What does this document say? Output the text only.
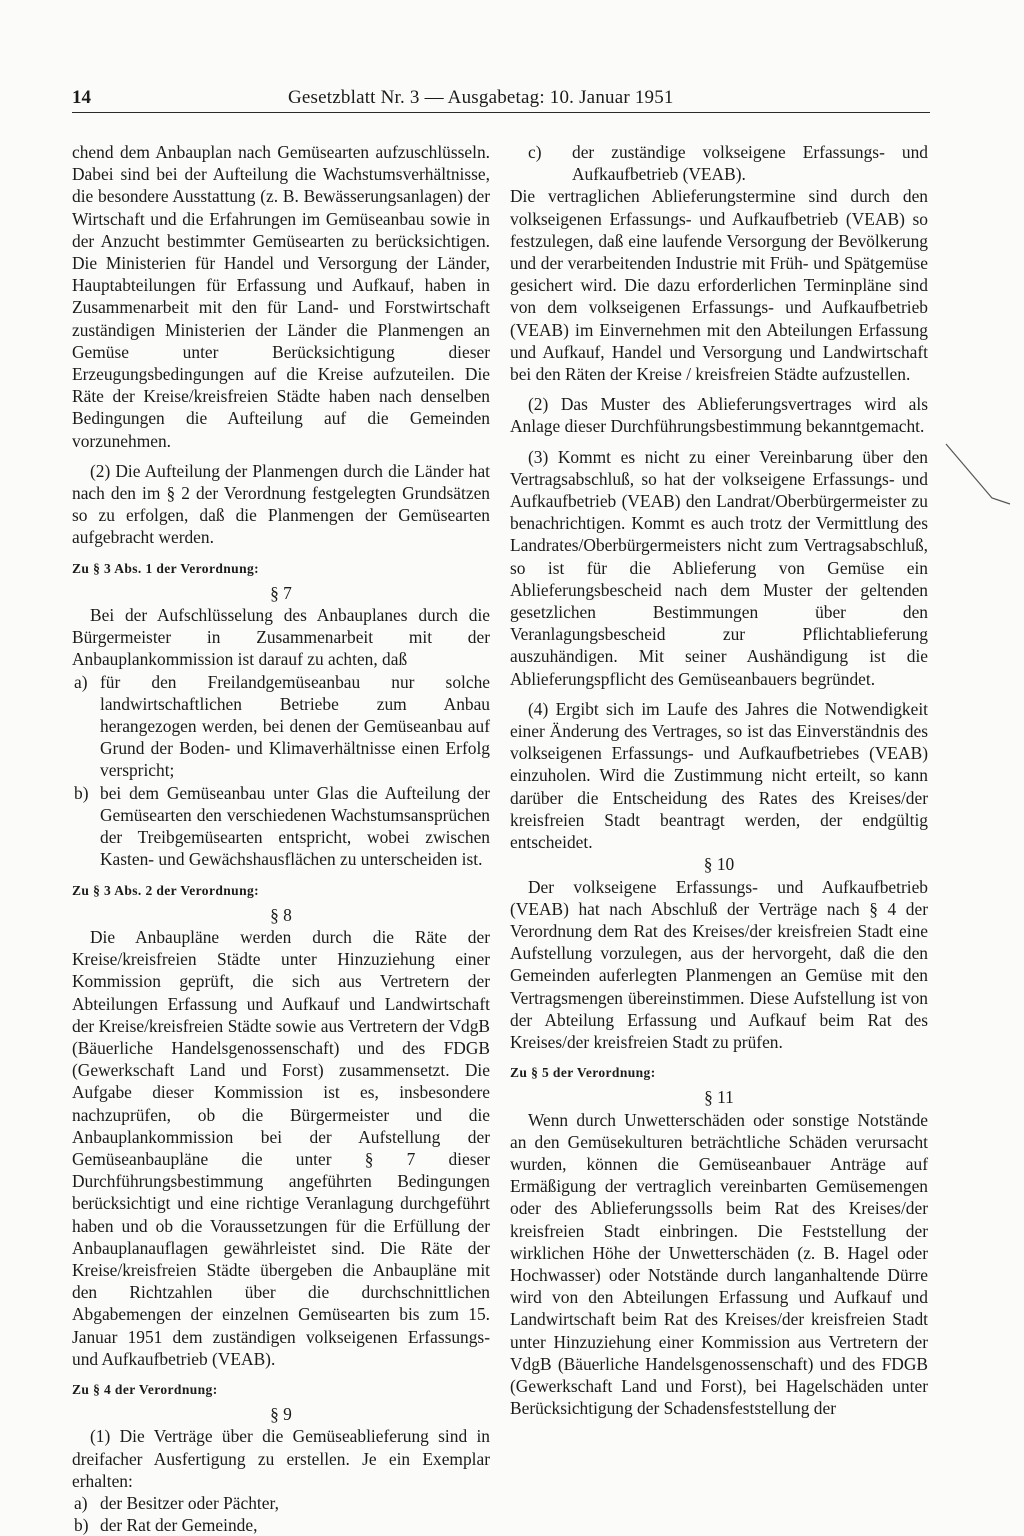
14	Gesetzblatt Nr. 3 — Ausgabetag: 10. Januar 1951

chend dem Anbauplan nach Gemüsearten aufzuschlüsseln. Dabei sind bei der Aufteilung die Wachstumsverhältnisse, die besondere Ausstattung (z. B. Bewässerungsanlagen) der Wirtschaft und die Erfahrungen im Gemüseanbau sowie in der Anzucht bestimmter Gemüsearten zu berücksichtigen. Die Ministerien für Handel und Versorgung der Länder, Hauptabteilungen für Erfassung und Aufkauf, haben in Zusammenarbeit mit den für Land- und Forstwirtschaft zuständigen Ministerien der Länder die Planmengen an Gemüse unter Berücksichtigung dieser Erzeugungsbedingungen auf die Kreise aufzuteilen. Die Räte der Kreise/kreisfreien Städte haben nach denselben Bedingungen die Aufteilung auf die Gemeinden vorzunehmen.

(2) Die Aufteilung der Planmengen durch die Länder hat nach den im § 2 der Verordnung festgelegten Grundsätzen so zu erfolgen, daß die Planmengen der Gemüsearten aufgebracht werden.

Zu § 3 Abs. 1 der Verordnung:

§ 7

Bei der Aufschlüsselung des Anbauplanes durch die Bürgermeister in Zusammenarbeit mit der Anbauplankommission ist darauf zu achten, daß

a) für den Freilandgemüseanbau nur solche landwirtschaftlichen Betriebe zum Anbau herangezogen werden, bei denen der Gemüseanbau auf Grund der Boden- und Klimaverhältnisse einen Erfolg verspricht;
b) bei dem Gemüseanbau unter Glas die Aufteilung der Gemüsearten den verschiedenen Wachstumsansprüchen der Treibgemüsearten entspricht, wobei zwischen Kasten- und Gewächshausflächen zu unterscheiden ist.

Zu § 3 Abs. 2 der Verordnung:

§ 8

Die Anbaupläne werden durch die Räte der Kreise/kreisfreien Städte unter Hinzuziehung einer Kommission geprüft, die sich aus Vertretern der Abteilungen Erfassung und Aufkauf und Landwirtschaft der Kreise/kreisfreien Städte sowie aus Vertretern der VdgB (Bäuerliche Handelsgenossenschaft) und des FDGB (Gewerkschaft Land und Forst) zusammensetzt. Die Aufgabe dieser Kommission ist es, insbesondere nachzuprüfen, ob die Bürgermeister und die Anbauplankommission bei der Aufstellung der Gemüseanbaupläne die unter § 7 dieser Durchführungsbestimmung angeführten Bedingungen berücksichtigt und eine richtige Veranlagung durchgeführt haben und ob die Voraussetzungen für die Erfüllung der Anbauplanauflagen gewährleistet sind. Die Räte der Kreise/kreisfreien Städte übergeben die Anbaupläne mit den Richtzahlen über die durchschnittlichen Abgabemengen der einzelnen Gemüsearten bis zum 15. Januar 1951 dem zuständigen volkseigenen Erfassungs- und Aufkaufbetrieb (VEAB).

Zu § 4 der Verordnung:

§ 9

(1) Die Verträge über die Gemüseablieferung sind in dreifacher Ausfertigung zu erstellen. Je ein Exemplar erhalten:

a) der Besitzer oder Pächter,
b) der Rat der Gemeinde,
c)	der zuständige volkseigene Erfassungs- und Aufkaufbetrieb (VEAB).

Die vertraglichen Ablieferungstermine sind durch den volkseigenen Erfassungs- und Aufkaufbetrieb (VEAB) so festzulegen, daß eine laufende Versorgung der Bevölkerung und der verarbeitenden Industrie mit Früh- und Spätgemüse gesichert wird. Die dazu erforderlichen Terminpläne sind von dem volkseigenen Erfassungs- und Aufkaufbetrieb (VEAB) im Einvernehmen mit den Abteilungen Erfassung und Aufkauf, Handel und Versorgung und Landwirtschaft bei den Räten der Kreise / kreisfreien Städte aufzustellen.

(2) Das Muster des Ablieferungsvertrages wird als Anlage dieser Durchführungsbestimmung bekanntgemacht.

(3) Kommt es nicht zu einer Vereinbarung über den Vertragsabschluß, so hat der volkseigene Erfassungs- und Aufkaufbetrieb (VEAB) den Landrat/Oberbürgermeister zu benachrichtigen. Kommt es auch trotz der Vermittlung des Landrates/Oberbürgermeisters nicht zum Vertragsabschluß, so ist für die Ablieferung von Gemüse ein Ablieferungsbescheid nach dem Muster der geltenden gesetzlichen Bestimmungen über den Veranlagungsbescheid zur Pflichtablieferung auszuhändigen. Mit seiner Aushändigung ist die Ablieferungspflicht des Gemüseanbauers begründet.

(4) Ergibt sich im Laufe des Jahres die Notwendigkeit einer Änderung des Vertrages, so ist das Einverständnis des volkseigenen Erfassungs- und Aufkaufbetriebes (VEAB) einzuholen. Wird die Zustimmung nicht erteilt, so kann darüber die Entscheidung des Rates des Kreises/der kreisfreien Stadt beantragt werden, der endgültig entscheidet.

§ 10

Der volkseigene Erfassungs- und Aufkaufbetrieb (VEAB) hat nach Abschluß der Verträge nach § 4 der Verordnung dem Rat des Kreises/der kreisfreien Stadt eine Aufstellung vorzulegen, aus der hervorgeht, daß die den Gemeinden auferlegten Planmengen an Gemüse mit den Vertragsmengen übereinstimmen. Diese Aufstellung ist von der Abteilung Erfassung und Aufkauf beim Rat des Kreises/der kreisfreien Stadt zu prüfen.

Zu § 5 der Verordnung:

§ 11

Wenn durch Unwetterschäden oder sonstige Notstände an den Gemüsekulturen beträchtliche Schäden verursacht wurden, können die Gemüseanbauer Anträge auf Ermäßigung der vertraglich vereinbarten Gemüsemengen oder des Ablieferungssolls beim Rat des Kreises/der kreisfreien Stadt einbringen. Die Feststellung der wirklichen Höhe der Unwetterschäden (z. B. Hagel oder Hochwasser) oder Notstände durch langanhaltende Dürre wird von den Abteilungen Erfassung und Aufkauf und Landwirtschaft beim Rat des Kreises/der kreisfreien Stadt unter Hinzuziehung einer Kommission aus Vertretern der VdgB (Bäuerliche Handelsgenossenschaft) und des FDGB (Gewerkschaft Land und Forst), bei Hagelschäden unter Berücksichtigung der Schadensfeststellung der
